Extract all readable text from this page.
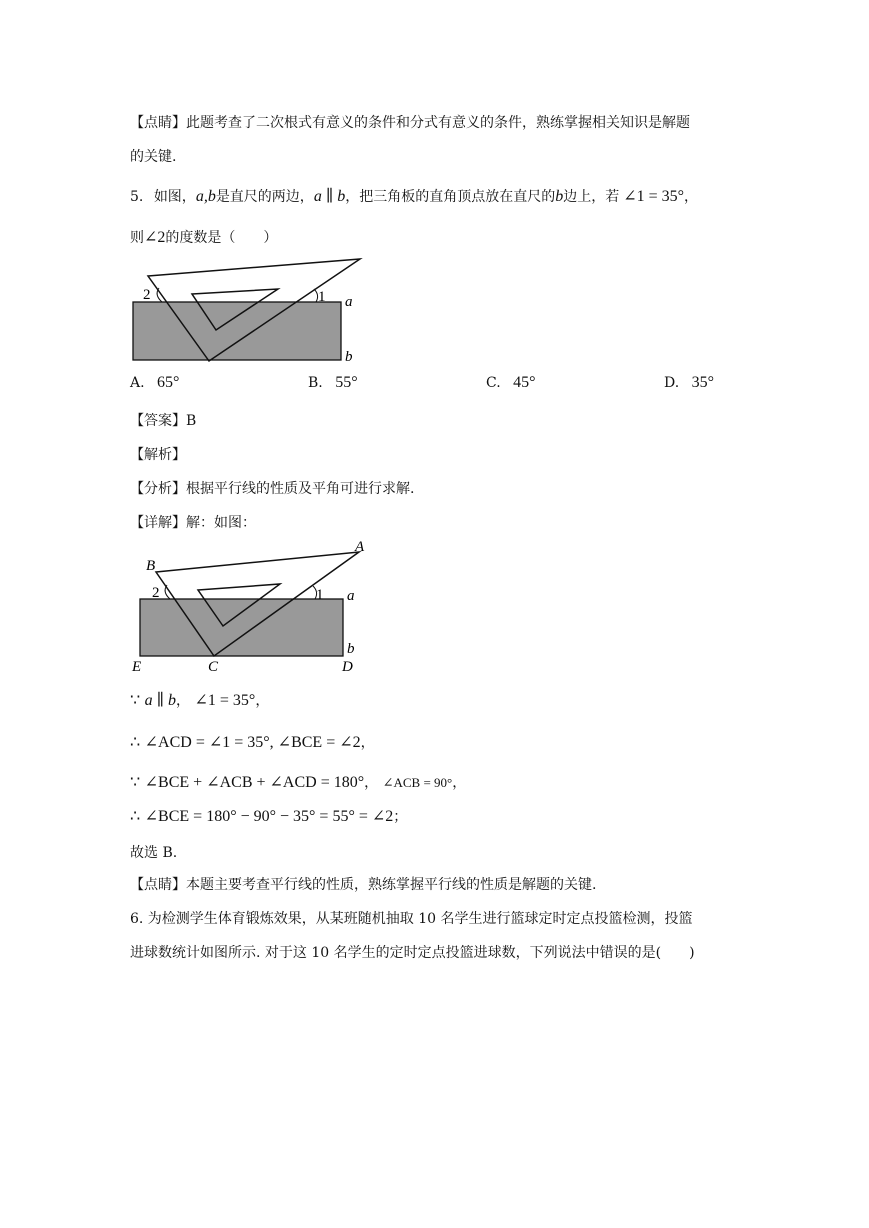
【点睛】此题考查了二次根式有意义的条件和分式有意义的条件，熟练掌握相关知识是解题
的关键.
5. 如图，a,b是直尺的两边，a ∥ b，把三角板的直角顶点放在直尺的b边上，若 ∠1 = 35°，
则∠2的度数是（　　）
2	1 a
b
A. 65°	B. 55°	C. 45°	D. 35°
【答案】B
【解析】
【分析】根据平行线的性质及平角可进行求解.
【详解】解：如图：
B
A
2	1 a
b
E	C	D
∵ a ∥ b， ∠1 = 35°，
∴ ∠ACD = ∠1 = 35°, ∠BCE = ∠2，
∵ ∠BCE + ∠ACB + ∠ACD = 180°， ∠ACB = 90°，
∴ ∠BCE = 180° − 90° − 35° = 55° = ∠2；
故选 B.
【点睛】本题主要考查平行线的性质，熟练掌握平行线的性质是解题的关键.
6. 为检测学生体育锻炼效果，从某班随机抽取 10 名学生进行篮球定时定点投篮检测，投篮
进球数统计如图所示. 对于这 10 名学生的定时定点投篮进球数，下列说法中错误的是(　　)
